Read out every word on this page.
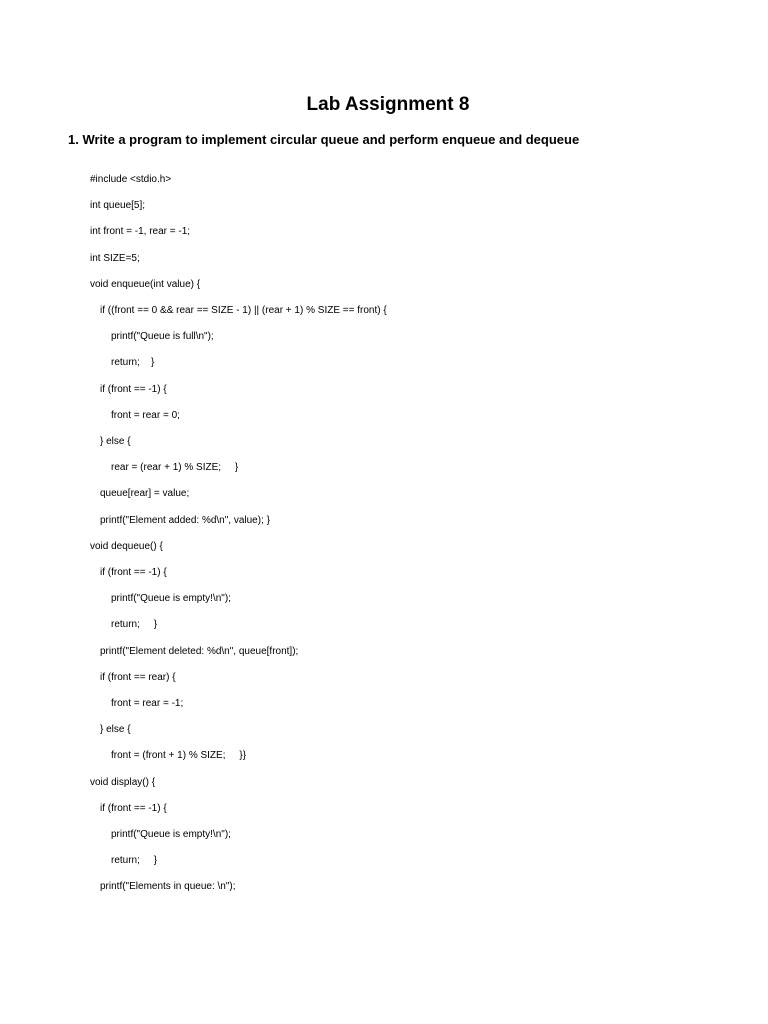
Lab Assignment 8
1. Write a program to implement circular queue and perform enqueue and dequeue
#include <stdio.h>
int queue[5];
int front = -1, rear = -1;
int SIZE=5;
void enqueue(int value) {
if ((front == 0 && rear == SIZE - 1) || (rear + 1) % SIZE == front) {
printf("Queue is full\n");
return;    }
if (front == -1) {
front = rear = 0;
} else {
rear = (rear + 1) % SIZE;     }
queue[rear] = value;
printf("Element added: %d\n", value); }
void dequeue() {
if (front == -1) {
printf("Queue is empty!\n");
return;     }
printf("Element deleted: %d\n", queue[front]);
if (front == rear) {
front = rear = -1;
} else {
front = (front + 1) % SIZE;     }}
void display() {
if (front == -1) {
printf("Queue is empty!\n");
return;     }
printf("Elements in queue: \n");
